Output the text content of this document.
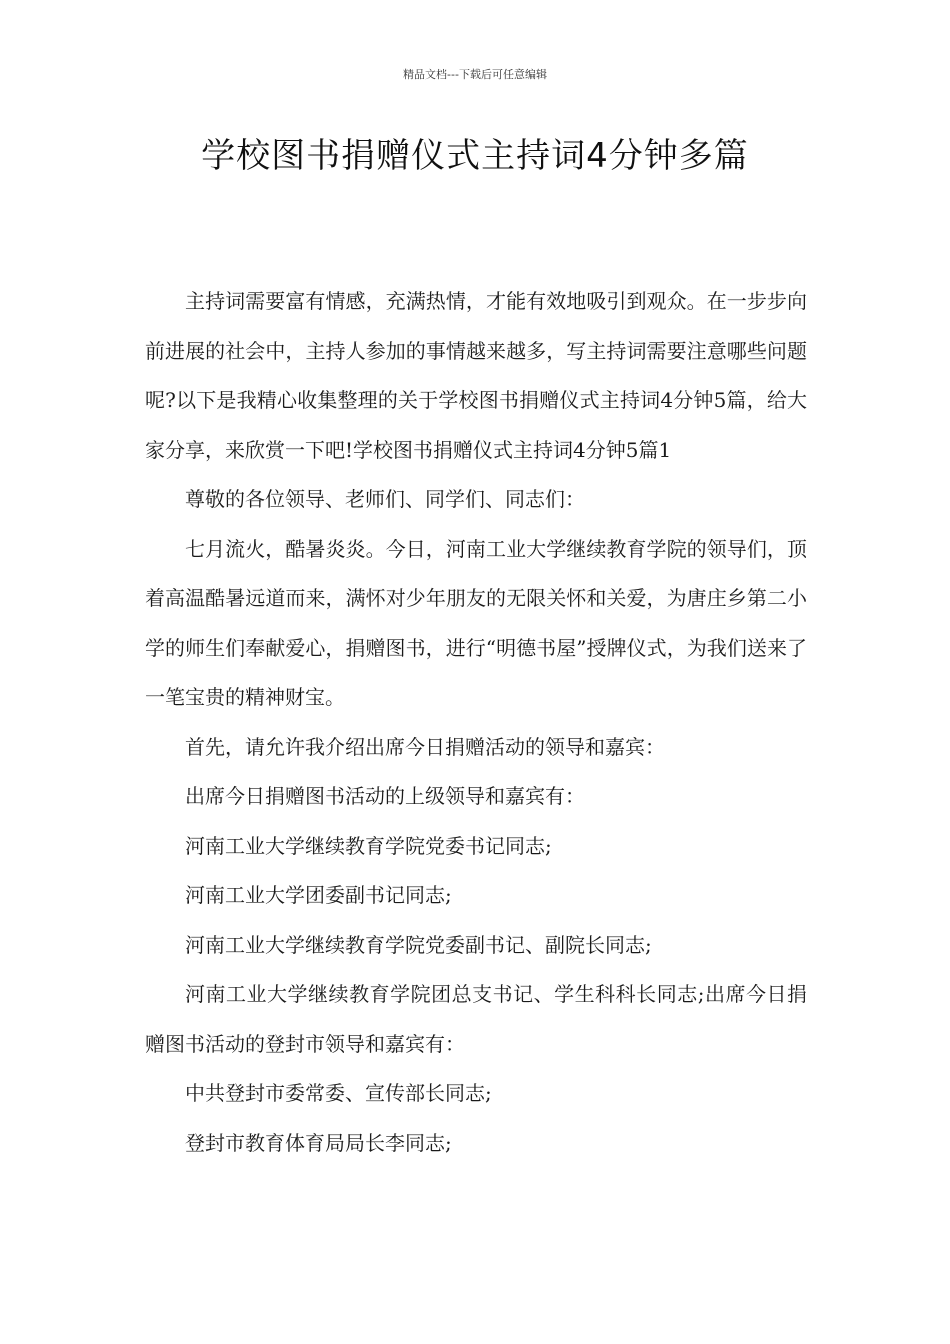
精品文档---下载后可任意编辑
学校图书捐赠仪式主持词4分钟多篇

主持词需要富有情感，充满热情，才能有效地吸引到观众。在一步步向前进展的社会中，主持人参加的事情越来越多，写主持词需要注意哪些问题呢?以下是我精心收集整理的关于学校图书捐赠仪式主持词4分钟5篇，给大家分享，来欣赏一下吧!学校图书捐赠仪式主持词4分钟5篇1

尊敬的各位领导、老师们、同学们、同志们：

七月流火，酷暑炎炎。今日，河南工业大学继续教育学院的领导们，顶着高温酷暑远道而来，满怀对少年朋友的无限关怀和关爱，为唐庄乡第二小学的师生们奉献爱心，捐赠图书，进行“明德书屋”授牌仪式，为我们送来了一笔宝贵的精神财宝。

首先，请允许我介绍出席今日捐赠活动的领导和嘉宾：

出席今日捐赠图书活动的上级领导和嘉宾有：

河南工业大学继续教育学院党委书记同志;

河南工业大学团委副书记同志;

河南工业大学继续教育学院党委副书记、副院长同志;

河南工业大学继续教育学院团总支书记、学生科科长同志;出席今日捐赠图书活动的登封市领导和嘉宾有：

中共登封市委常委、宣传部长同志;

登封市教育体育局局长李同志;
